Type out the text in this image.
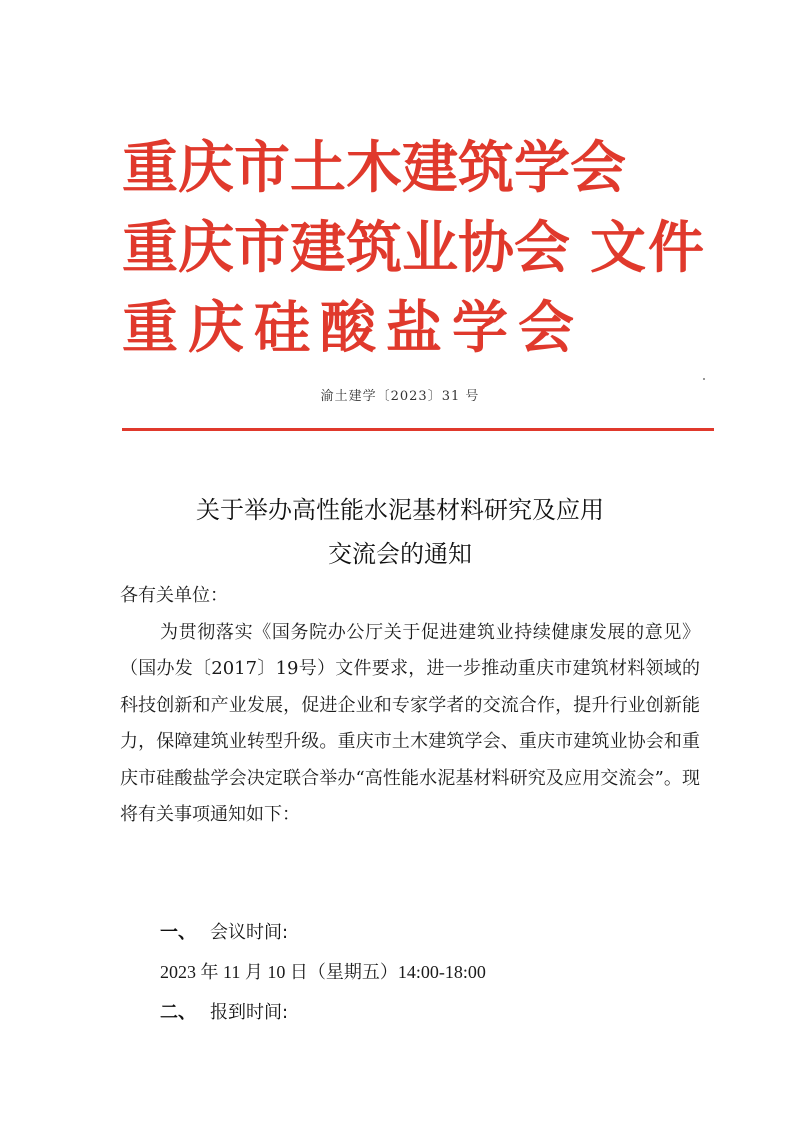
重庆市土木建筑学会
重庆市建筑业协会 文件
重庆硅酸盐学会
渝土建学〔2023〕31 号
关于举办高性能水泥基材料研究及应用
交流会的通知

各有关单位：

为贯彻落实《国务院办公厅关于促进建筑业持续健康发展的意见》（国办发〔2017〕19号）文件要求，进一步推动重庆市建筑材料领域的科技创新和产业发展，促进企业和专家学者的交流合作，提升行业创新能力，保障建筑业转型升级。重庆市土木建筑学会、重庆市建筑业协会和重庆市硅酸盐学会决定联合举办“高性能水泥基材料研究及应用交流会”。现将有关事项通知如下：

一、 会议时间:
2023 年 11 月 10 日（星期五）14:00-18:00
二、 报到时间:
